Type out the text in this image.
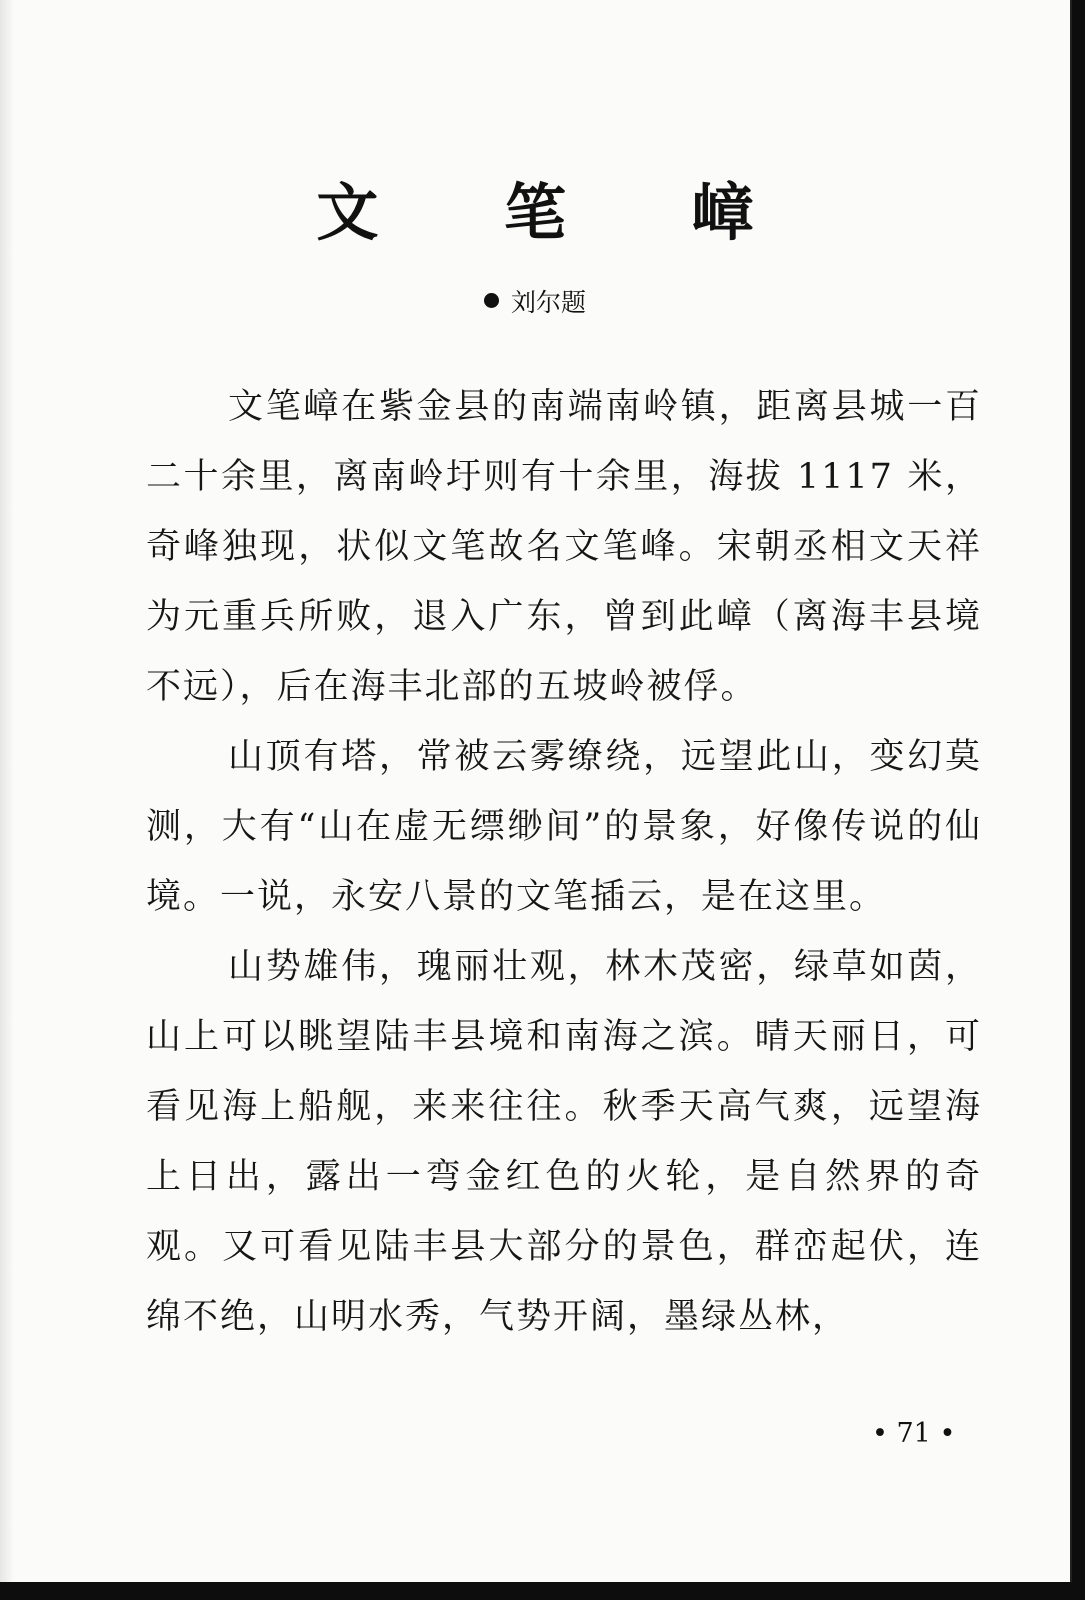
文 笔 嶂
刘尔题

文笔嶂在紫金县的南端南岭镇，距离县城一百二十余里，离南岭圩则有十余里，海拔 1117 米，奇峰独现，状似文笔故名文笔峰。宋朝丞相文天祥为元重兵所败，退入广东，曾到此嶂（离海丰县境不远），后在海丰北部的五坡岭被俘。

山顶有塔，常被云雾缭绕，远望此山，变幻莫测，大有“山在虚无缥缈间”的景象，好像传说的仙境。一说，永安八景的文笔插云，是在这里。

山势雄伟，瑰丽壮观，林木茂密，绿草如茵，山上可以眺望陆丰县境和南海之滨。晴天丽日，可看见海上船舰，来来往往。秋季天高气爽，远望海上日出，露出一弯金红色的火轮，是自然界的奇观。又可看见陆丰县大部分的景色，群峦起伏，连绵不绝，山明水秀，气势开阔，墨绿丛林，

• 71 •
